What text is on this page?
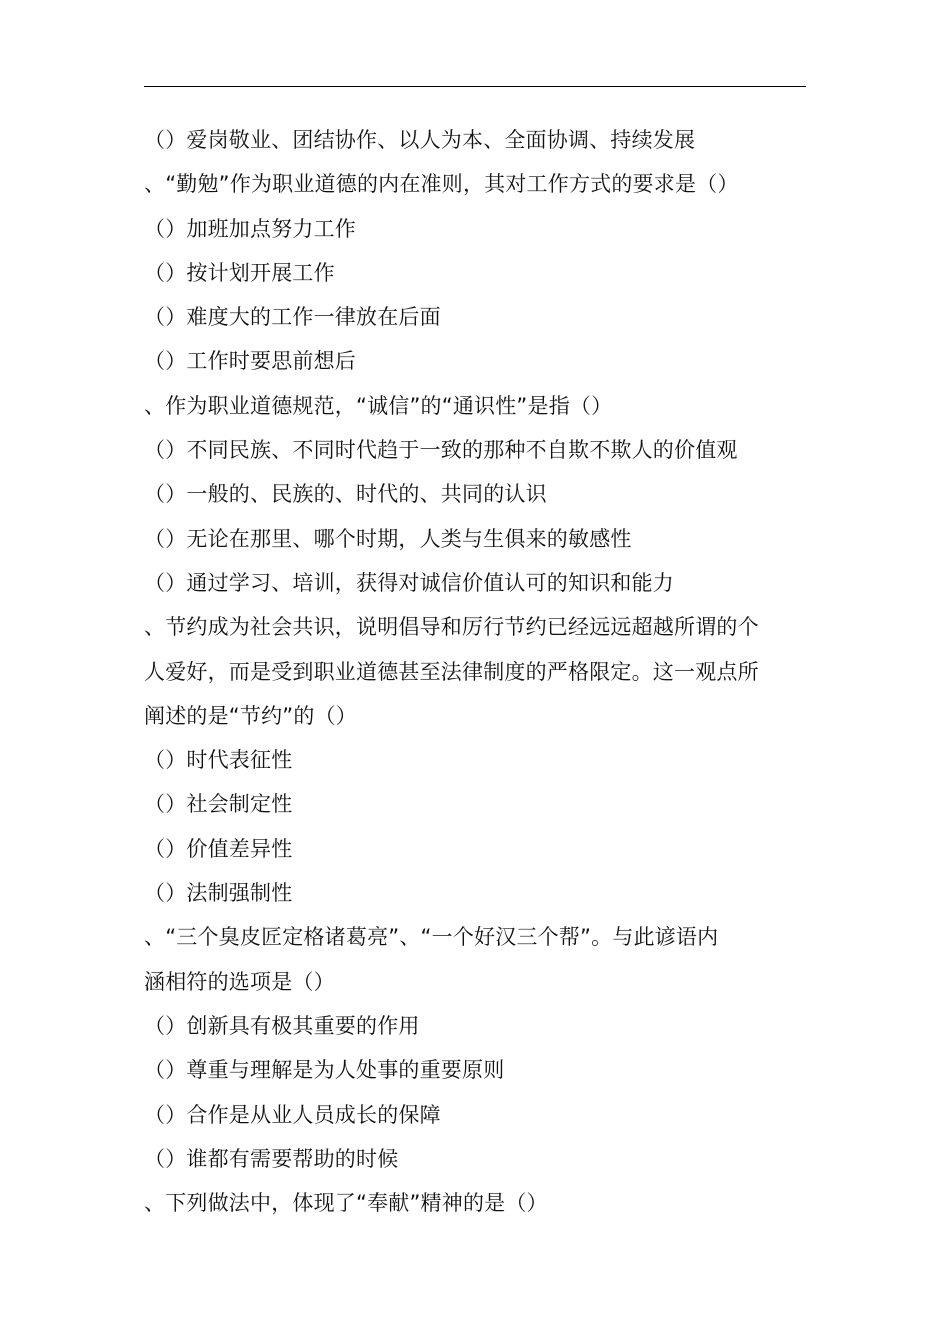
（）爱岗敬业、团结协作、以人为本、全面协调、持续发展
、“勤勉”作为职业道德的内在准则，其对工作方式的要求是（）
（）加班加点努力工作
（）按计划开展工作
（）难度大的工作一律放在后面
（）工作时要思前想后
、作为职业道德规范，“诚信”的“通识性”是指（）
（）不同民族、不同时代趋于一致的那种不自欺不欺人的价值观
（）一般的、民族的、时代的、共同的认识
（）无论在那里、哪个时期，人类与生俱来的敏感性
（）通过学习、培训，获得对诚信价值认可的知识和能力
、节约成为社会共识，说明倡导和厉行节约已经远远超越所谓的个
人爱好，而是受到职业道德甚至法律制度的严格限定。这一观点所
阐述的是“节约”的（）
（）时代表征性
（）社会制定性
（）价值差异性
（）法制强制性
、“三个臭皮匠定格诸葛亮”、“一个好汉三个帮”。与此谚语内
涵相符的选项是（）
（）创新具有极其重要的作用
（）尊重与理解是为人处事的重要原则
（）合作是从业人员成长的保障
（）谁都有需要帮助的时候
、下列做法中，体现了“奉献”精神的是（）
